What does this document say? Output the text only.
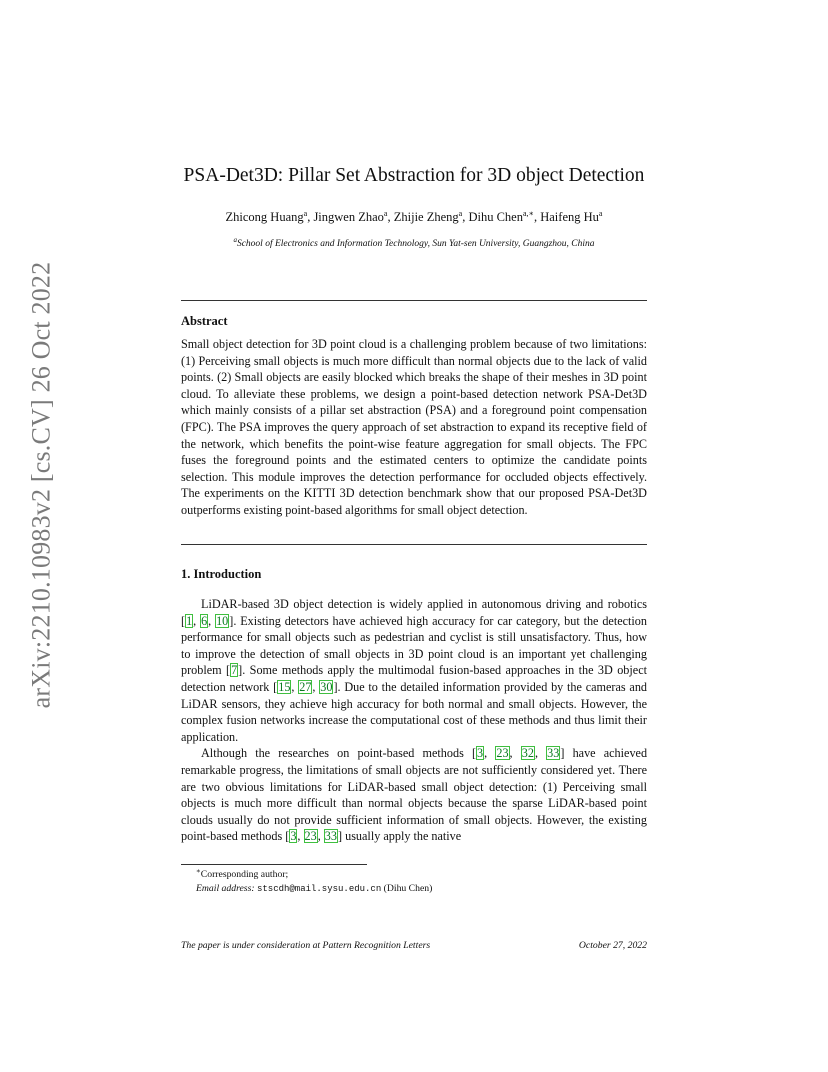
arXiv:2210.10983v2 [cs.CV] 26 Oct 2022
PSA-Det3D: Pillar Set Abstraction for 3D object Detection
Zhicong Huang$^a$, Jingwen Zhao$^a$, Zhijie Zheng$^a$, Dihu Chen$^{a,∗}$, Haifeng Hu$^a$
$^a$School of Electronics and Information Technology, Sun Yat-sen University, Guangzhou, China
Abstract
Small object detection for 3D point cloud is a challenging problem because of two limitations: (1) Perceiving small objects is much more difficult than normal objects due to the lack of valid points. (2) Small objects are easily blocked which breaks the shape of their meshes in 3D point cloud. To alleviate these problems, we design a point-based detection network PSA-Det3D which mainly consists of a pillar set abstraction (PSA) and a foreground point compensation (FPC). The PSA improves the query approach of set abstraction to expand its receptive field of the network, which benefits the point-wise feature aggregation for small objects. The FPC fuses the foreground points and the estimated centers to optimize the candidate points selection. This module improves the detection performance for occluded objects effectively. The experiments on the KITTI 3D detection benchmark show that our proposed PSA-Det3D outperforms existing point-based algorithms for small object detection.
1. Introduction

LiDAR-based 3D object detection is widely applied in autonomous driving and robotics [1, 6, 10]. Existing detectors have achieved high accuracy for car category, but the detection performance for small objects such as pedestrian and cyclist is still unsatisfactory. Thus, how to improve the detection of small objects in 3D point cloud is an important yet challenging problem [7]. Some methods apply the multimodal fusion-based approaches in the 3D object detection network [15, 27, 30]. Due to the detailed information provided by the cameras and LiDAR sensors, they achieve high accuracy for both normal and small objects. However, the complex fusion networks increase the computational cost of these methods and thus limit their application.

Although the researches on point-based methods [3, 23, 32, 33] have achieved remarkable progress, the limitations of small objects are not sufficiently considered yet. There are two obvious limitations for LiDAR-based small object detection: (1) Perceiving small objects is much more difficult than normal objects because the sparse LiDAR-based point clouds usually do not provide sufficient information of small objects. However, the existing point-based methods [3, 23, 33] usually apply the native

∗Corresponding author;
Email address: stscdh@mail.sysu.edu.cn (Dihu Chen)
The paper is under consideration at Pattern Recognition Letters	October 27, 2022
